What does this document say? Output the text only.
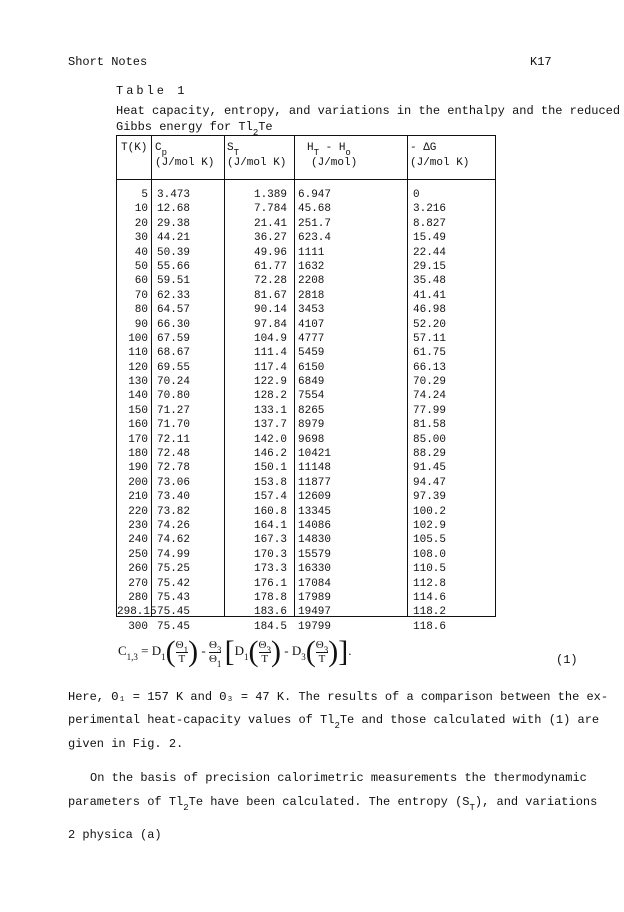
Short Notes	K17
Table 1
Heat capacity, entropy, and variations in the enthalpy and the reduced
Gibbs energy for $Tl_2Te$
T(K) $C_p$
(J/mol K)
$S_T$
(J/mol K)
$H_T - H_o$
(J/mol)
- ΔG
(J/mol K)
5
10
20
30
40
50
60
70
80
90
100
110
120
130
140
150
160
170
180
190
200
210
220
230
240
250
260
270
280
298.15
300
3.473
12.68
29.38
44.21
50.39
55.66
59.51
62.33
64.57
66.30
67.59
68.67
69.55
70.24
70.80
71.27
71.70
72.11
72.48
72.78
73.06
73.40
73.82
74.26
74.62
74.99
75.25
75.42
75.43
75.45
75.45
1.389
7.784
21.41
36.27
49.96
61.77
72.28
81.67
90.14
97.84
104.9
111.4
117.4
122.9
128.2
133.1
137.7
142.0
146.2
150.1
153.8
157.4
160.8
164.1
167.3
170.3
173.3
176.1
178.8
183.6
184.5
6.947
45.68
251.7
623.4
1111
1632
2208
2818
3453
4107
4777
5459
6150
6849
7554
8265
8979
9698
10421
11148
11877
12609
13345
14086
14830
15579
16330
17084
17989
19497
19799
0
3.216
8.827
15.49
22.44
29.15
35.48
41.41
46.98
52.20
57.11
61.75
66.13
70.29
74.24
77.99
81.58
85.00
88.29
91.45
94.47
97.39
100.2
102.9
105.5
108.0
110.5
112.8
114.6
118.2
118.6
$C_{1,3} = D_1( \frac{\Theta_1}{T}$ ) - $\frac{\Theta_3}{\Theta_1} [D_1( \frac{\Theta_3}{T}$ ) - $D_3( \frac{\Theta_3}{T}$ )].
(1)
Here, Θ₁ = 157 K and Θ₃ = 47 K. The results of a comparison between the ex-
perimental heat-capacity values of $Tl_2Te$ and those calculated with (1) are
given in Fig. 2.
On the basis of precision calorimetric measurements the thermodynamic
parameters of $Tl_2Te$ have been calculated. The entropy $(S_T)$, and variations
2 physica (a)
